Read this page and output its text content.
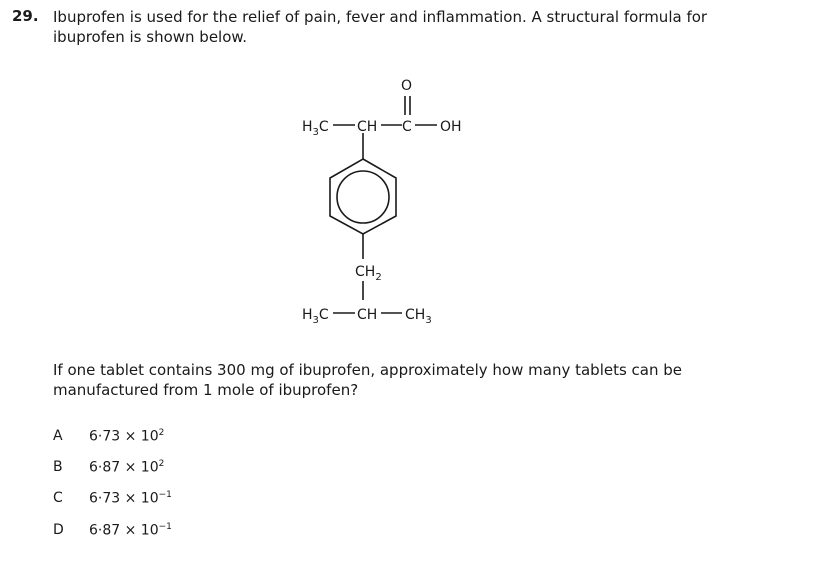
29. Ibuprofen is used for the relief of pain, fever and inflammation. A structural formula for ibuprofen is shown below.
O
$H_3C$ CH C OH
$CH_2$
$H_3C$ CH $CH_3$
If one tablet contains 300 mg of ibuprofen, approximately how many tablets can be manufactured from 1 mole of ibuprofen?
A $6\cdot 73 \times 10^2$
B $6\cdot 87 \times 10^2$
C $6\cdot 73 \times 10^{-1}$
D $6\cdot 87 \times 10^{-1}$
